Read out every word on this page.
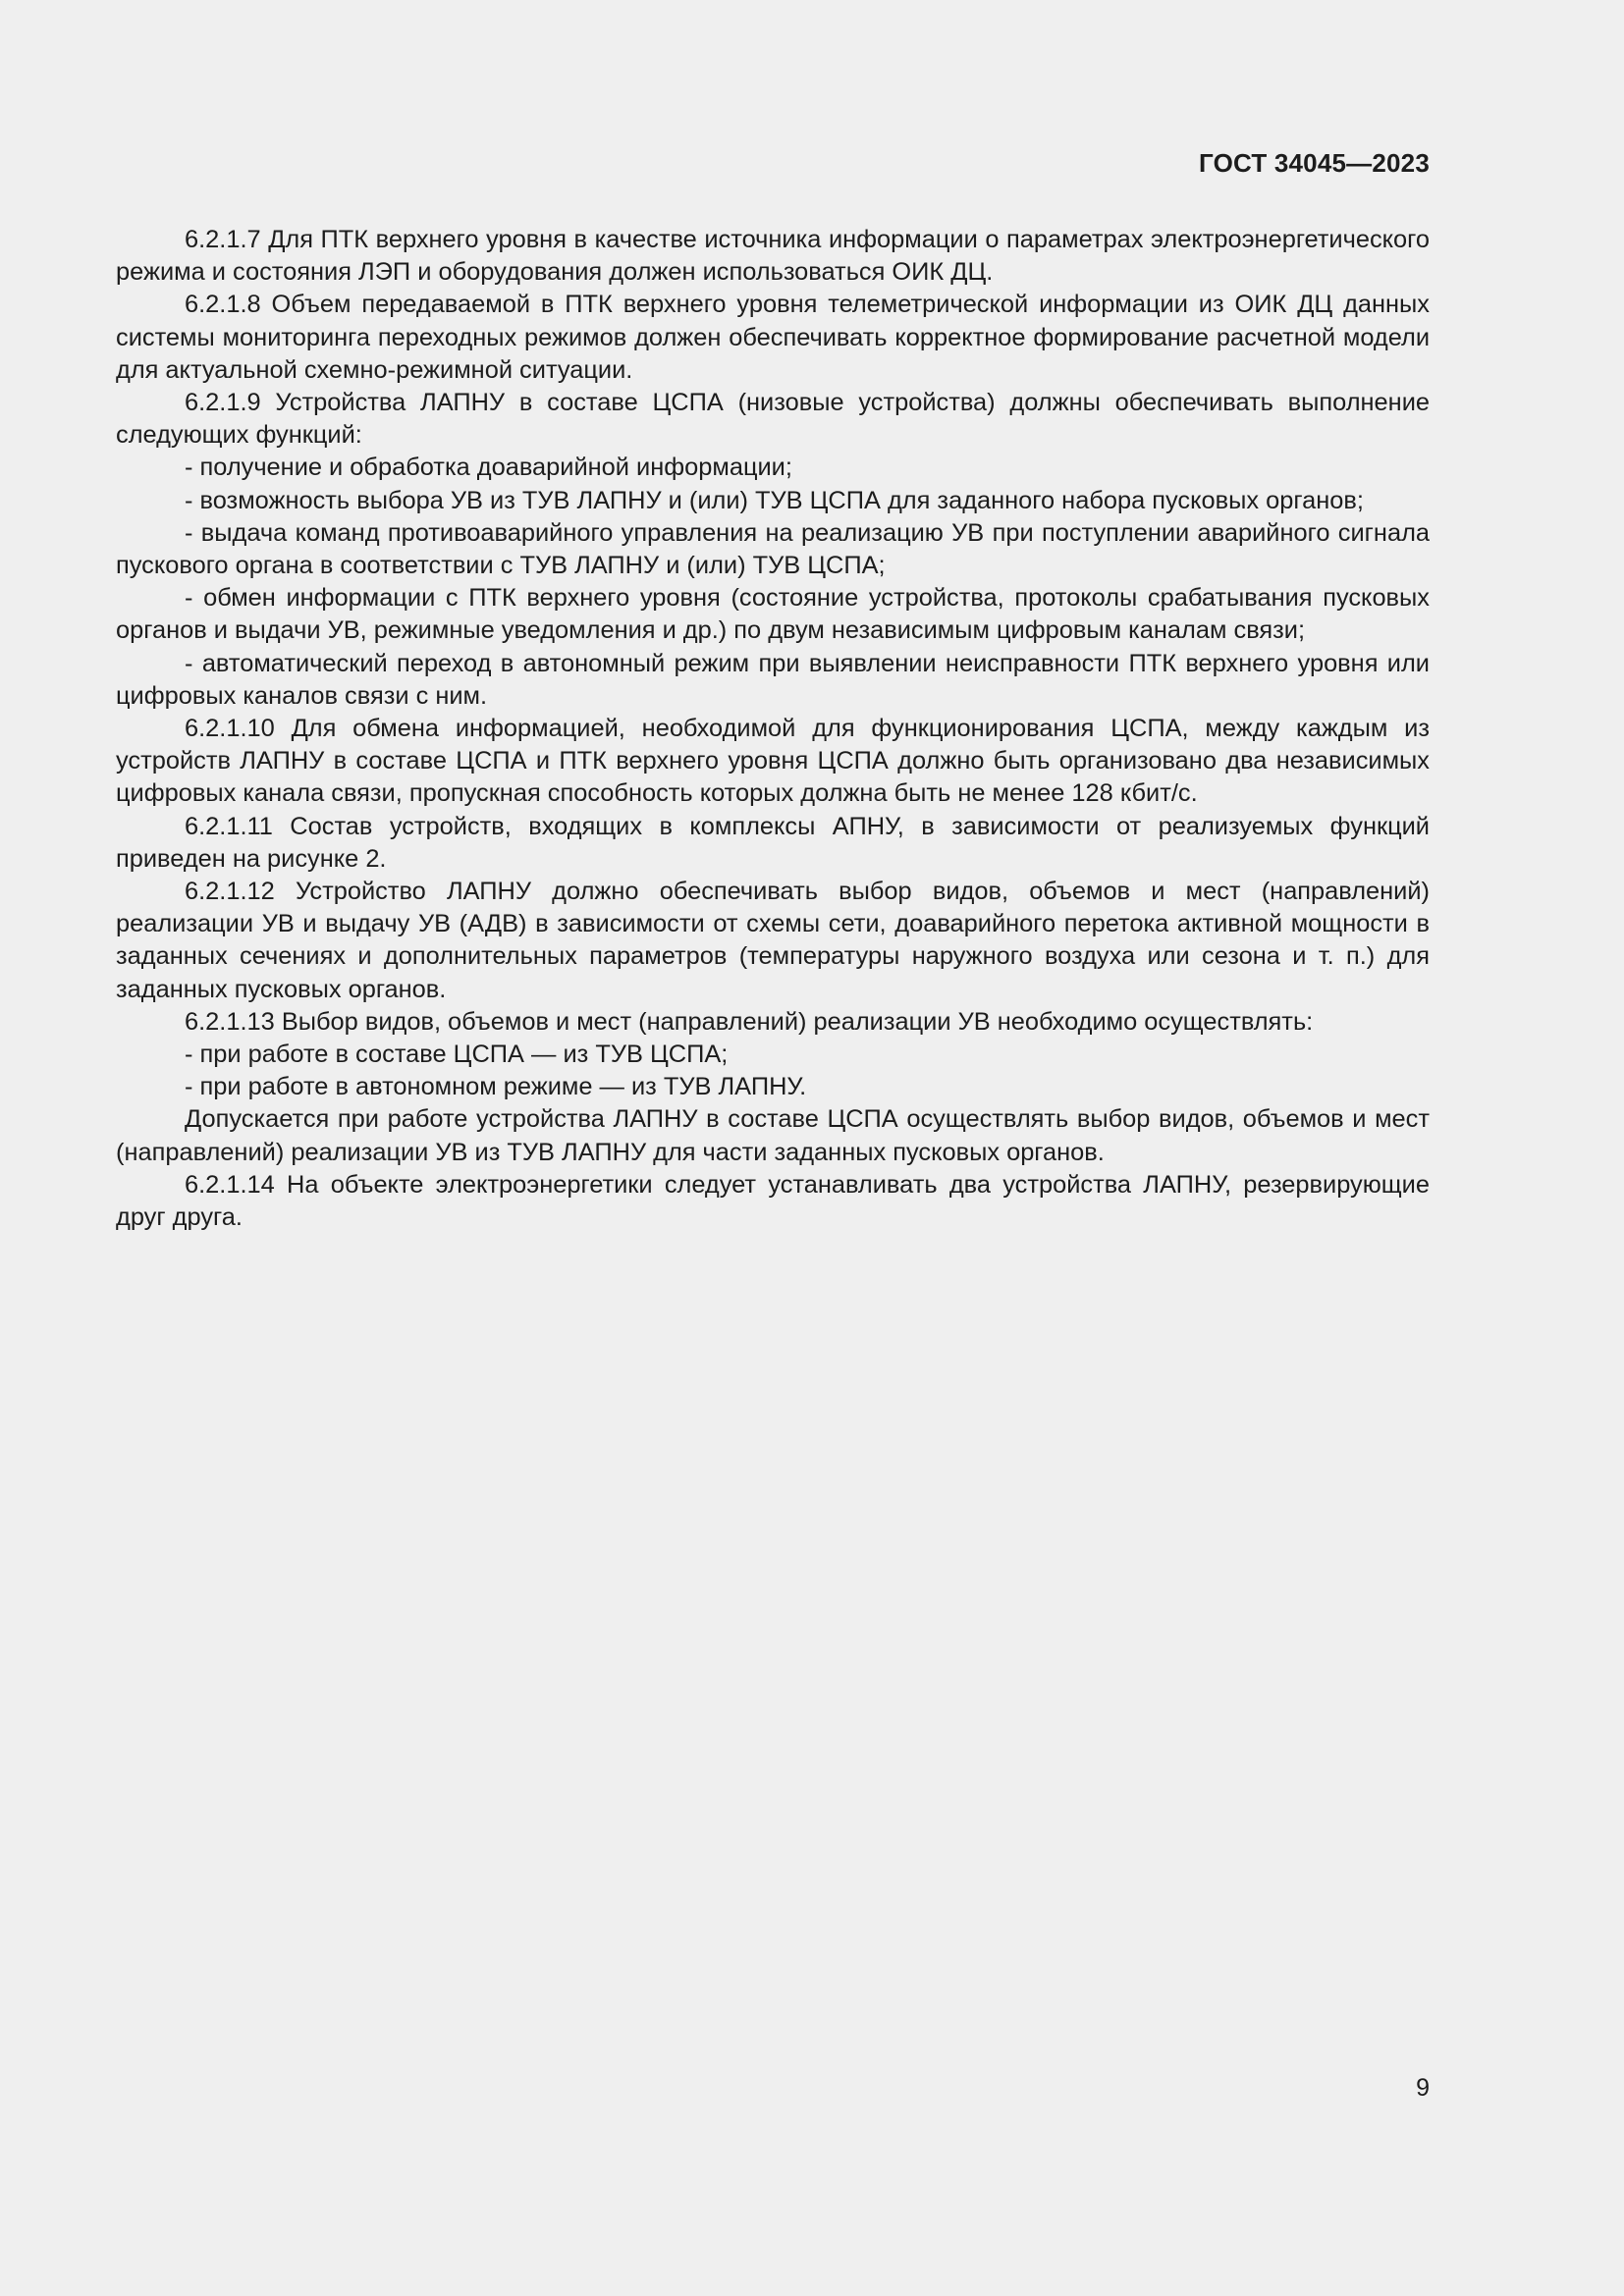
ГОСТ 34045—2023

6.2.1.7 Для ПТК верхнего уровня в качестве источника информации о параметрах электроэнергетического режима и состояния ЛЭП и оборудования должен использоваться ОИК ДЦ.

6.2.1.8 Объем передаваемой в ПТК верхнего уровня телеметрической информации из ОИК ДЦ данных системы мониторинга переходных режимов должен обеспечивать корректное формирование расчетной модели для актуальной схемно-режимной ситуации.

6.2.1.9 Устройства ЛАПНУ в составе ЦСПА (низовые устройства) должны обеспечивать выполнение следующих функций:

- получение и обработка доаварийной информации;

- возможность выбора УВ из ТУВ ЛАПНУ и (или) ТУВ ЦСПА для заданного набора пусковых органов;

- выдача команд противоаварийного управления на реализацию УВ при поступлении аварийного сигнала пускового органа в соответствии с ТУВ ЛАПНУ и (или) ТУВ ЦСПА;

- обмен информации с ПТК верхнего уровня (состояние устройства, протоколы срабатывания пусковых органов и выдачи УВ, режимные уведомления и др.) по двум независимым цифровым каналам связи;

- автоматический переход в автономный режим при выявлении неисправности ПТК верхнего уровня или цифровых каналов связи с ним.

6.2.1.10 Для обмена информацией, необходимой для функционирования ЦСПА, между каждым из устройств ЛАПНУ в составе ЦСПА и ПТК верхнего уровня ЦСПА должно быть организовано два независимых цифровых канала связи, пропускная способность которых должна быть не менее 128 кбит/с.

6.2.1.11 Состав устройств, входящих в комплексы АПНУ, в зависимости от реализуемых функций приведен на рисунке 2.

6.2.1.12 Устройство ЛАПНУ должно обеспечивать выбор видов, объемов и мест (направлений) реализации УВ и выдачу УВ (АДВ) в зависимости от схемы сети, доаварийного перетока активной мощности в заданных сечениях и дополнительных параметров (температуры наружного воздуха или сезона и т. п.) для заданных пусковых органов.

6.2.1.13 Выбор видов, объемов и мест (направлений) реализации УВ необходимо осуществлять:

- при работе в составе ЦСПА — из ТУВ ЦСПА;

- при работе в автономном режиме — из ТУВ ЛАПНУ.

Допускается при работе устройства ЛАПНУ в составе ЦСПА осуществлять выбор видов, объемов и мест (направлений) реализации УВ из ТУВ ЛАПНУ для части заданных пусковых органов.

6.2.1.14 На объекте электроэнергетики следует устанавливать два устройства ЛАПНУ, резервирующие друг друга.

9
